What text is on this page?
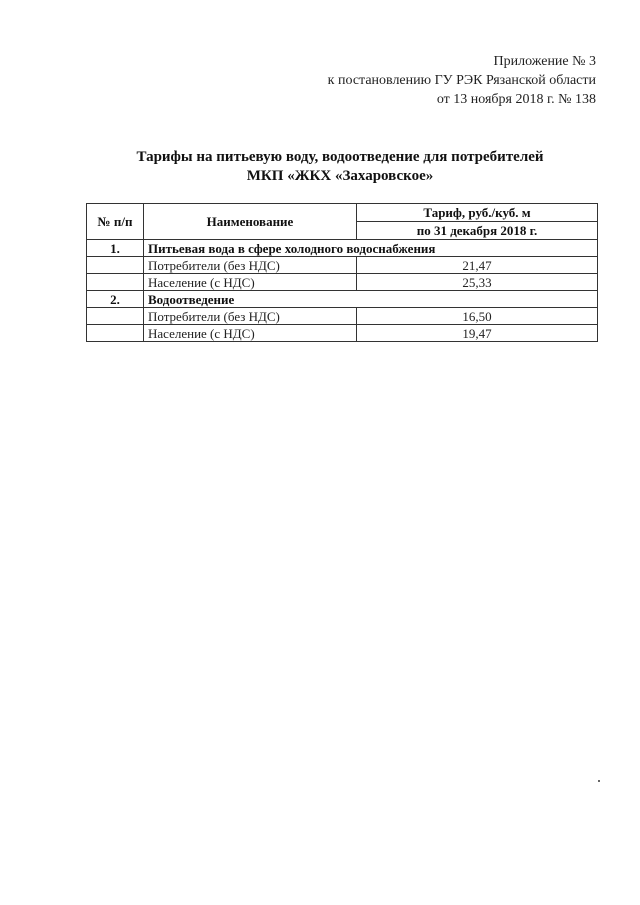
Приложение № 3
к постановлению ГУ РЭК Рязанской области
от 13 ноября 2018 г. № 138
Тарифы на питьевую воду, водоотведение для потребителей
МКП «ЖКХ «Захаровское»
№ п/п	Наименование	Тариф, руб./куб. м
		по 31 декабря 2018 г.
1.	Питьевая вода в сфере холодного водоснабжения	
	Потребители (без НДС)	21,47
	Население (с НДС)	25,33
2.	Водоотведение	
	Потребители (без НДС)	16,50
	Население (с НДС)	19,47
